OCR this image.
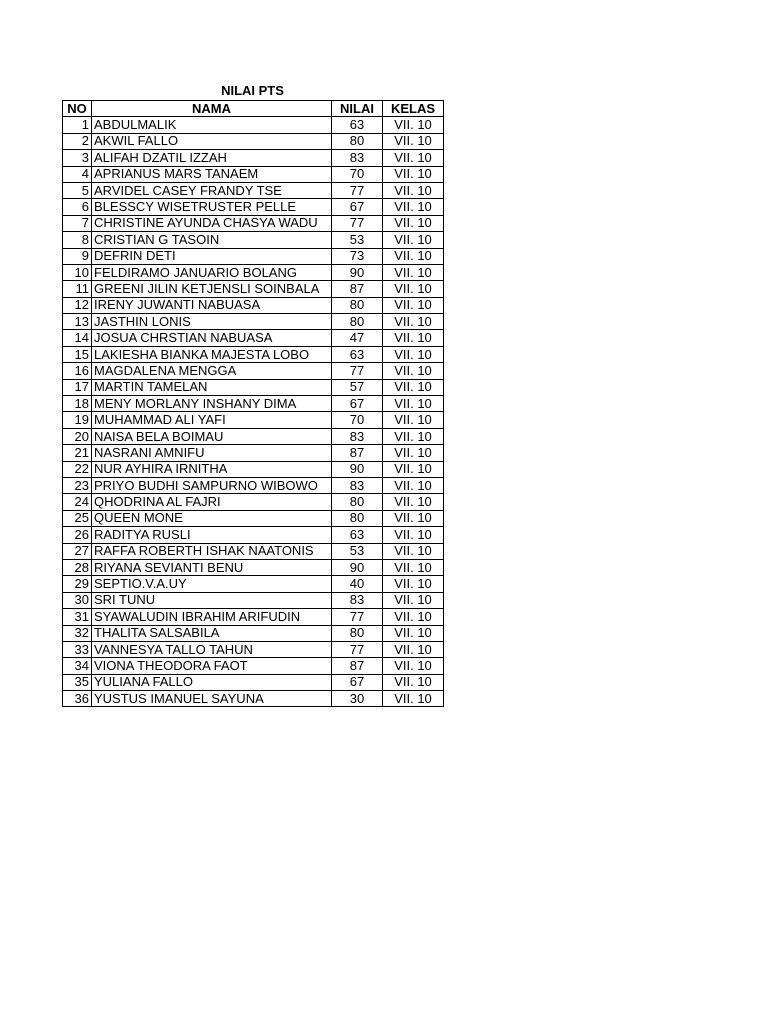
NILAI PTS
NO	NAMA	NILAI	KELAS
1	ABDULMALIK	63	VII. 10
2	AKWIL FALLO	80	VII. 10
3	ALIFAH DZATIL IZZAH	83	VII. 10
4	APRIANUS MARS TANAEM	70	VII. 10
5	ARVIDEL CASEY FRANDY TSE	77	VII. 10
6	BLESSCY WISETRUSTER PELLE	67	VII. 10
7	CHRISTINE AYUNDA CHASYA WADU	77	VII. 10
8	CRISTIAN G TASOIN	53	VII. 10
9	DEFRIN DETI	73	VII. 10
10	FELDIRAMO JANUARIO BOLANG	90	VII. 10
11	GREENI JILIN KETJENSLI SOINBALA	87	VII. 10
12	IRENY JUWANTI NABUASA	80	VII. 10
13	JASTHIN LONIS	80	VII. 10
14	JOSUA CHRSTIAN NABUASA	47	VII. 10
15	LAKIESHA BIANKA MAJESTA LOBO	63	VII. 10
16	MAGDALENA MENGGA	77	VII. 10
17	MARTIN TAMELAN	57	VII. 10
18	MENY MORLANY INSHANY DIMA	67	VII. 10
19	MUHAMMAD ALI YAFI	70	VII. 10
20	NAISA BELA BOIMAU	83	VII. 10
21	NASRANI AMNIFU	87	VII. 10
22	NUR AYHIRA IRNITHA	90	VII. 10
23	PRIYO BUDHI SAMPURNO WIBOWO	83	VII. 10
24	QHODRINA AL FAJRI	80	VII. 10
25	QUEEN MONE	80	VII. 10
26	RADITYA RUSLI	63	VII. 10
27	RAFFA ROBERTH ISHAK NAATONIS	53	VII. 10
28	RIYANA SEVIANTI BENU	90	VII. 10
29	SEPTIO.V.A.UY	40	VII. 10
30	SRI TUNU	83	VII. 10
31	SYAWALUDIN IBRAHIM ARIFUDIN	77	VII. 10
32	THALITA SALSABILA	80	VII. 10
33	VANNESYA TALLO TAHUN	77	VII. 10
34	VIONA THEODORA FAOT	87	VII. 10
35	YULIANA FALLO	67	VII. 10
36	YUSTUS IMANUEL SAYUNA	30	VII. 10
